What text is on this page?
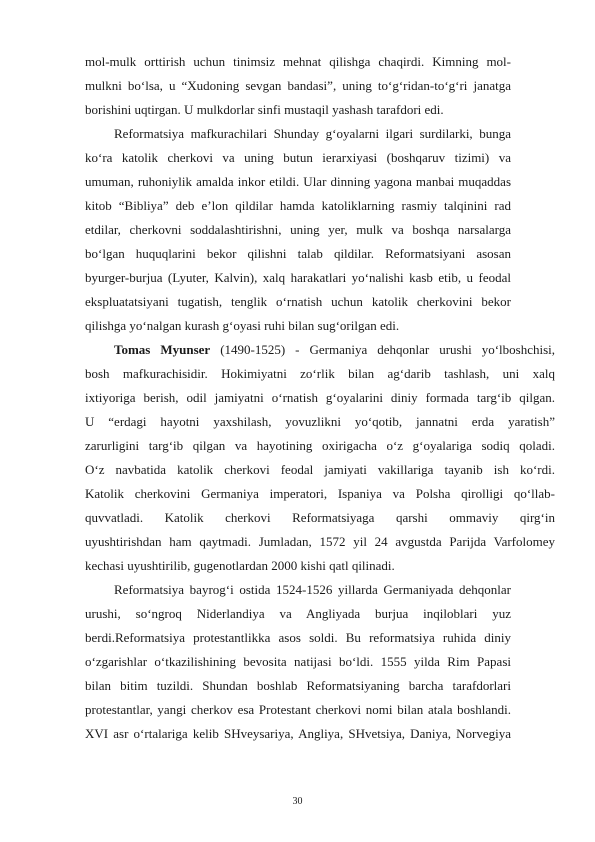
mol-mulk orttirish uchun tinimsiz mehnat qilishga chaqirdi. Kimning mol-
mulkni bo‘lsa, u “Xudoning sevgan bandasi”, uning to‘g‘ridan-to‘g‘ri janatga
borishini uqtirgan. U mulkdorlar sinfi mustaqil yashash tarafdori edi.
Reformatsiya mafkurachilari Shunday g‘oyalarni ilgari surdilarki, bunga
ko‘ra katolik cherkovi va uning butun ierarxiyasi (boshqaruv tizimi) va
umuman, ruhoniylik amalda inkor etildi. Ular dinning yagona manbai muqaddas
kitob “Bibliya” deb e’lon qildilar hamda katoliklarning rasmiy talqinini rad
etdilar, cherkovni soddalashtirishni, uning yer, mulk va boshqa narsalarga
bo‘lgan huquqlarini bekor qilishni talab qildilar. Reformatsiyani asosan
byurger-burjua (Lyuter, Kalvin), xalq harakatlari yo‘nalishi kasb etib, u feodal
ekspluatatsiyani tugatish, tenglik o‘rnatish uchun katolik cherkovini bekor
qilishga yo‘nalgan kurash g‘oyasi ruhi bilan sug‘orilgan edi.
Tomas Myunser (1490-1525) - Germaniya dehqonlar urushi yo‘lboshchisi,
bosh mafkurachisidir. Hokimiyatni zo‘rlik bilan ag‘darib tashlash, uni xalq
ixtiyoriga berish, odil jamiyatni o‘rnatish g‘oyalarini diniy formada targ‘ib qilgan.
U “erdagi hayotni yaxshilash, yovuzlikni yo‘qotib, jannatni erda yaratish”
zarurligini targ‘ib qilgan va hayotining oxirigacha o‘z g‘oyalariga sodiq qoladi.
O‘z navbatida katolik cherkovi feodal jamiyati vakillariga tayanib ish ko‘rdi.
Katolik cherkovini Germaniya imperatori, Ispaniya va Polsha qirolligi qo‘llab-
quvvatladi. Katolik cherkovi Reformatsiyaga qarshi ommaviy qirg‘in
uyushtirishdan ham qaytmadi. Jumladan, 1572 yil 24 avgustda Parijda Varfolomey
kechasi uyushtirilib, gugenotlardan 2000 kishi qatl qilinadi.
Reformatsiya bayrog‘i ostida 1524-1526 yillarda Germaniyada dehqonlar
urushi, so‘ngroq Niderlandiya va Angliyada burjua inqiloblari yuz
berdi.Reformatsiya protestantlikka asos soldi. Bu reformatsiya ruhida diniy
o‘zgarishlar o‘tkazilishining bevosita natijasi bo‘ldi. 1555 yilda Rim Papasi
bilan bitim tuzildi. Shundan boshlab Reformatsiyaning barcha tarafdorlari
protestantlar, yangi cherkov esa Protestant cherkovi nomi bilan atala boshlandi.
XVI asr o‘rtalariga kelib SHveysariya, Angliya, SHvetsiya, Daniya, Norvegiya
30
